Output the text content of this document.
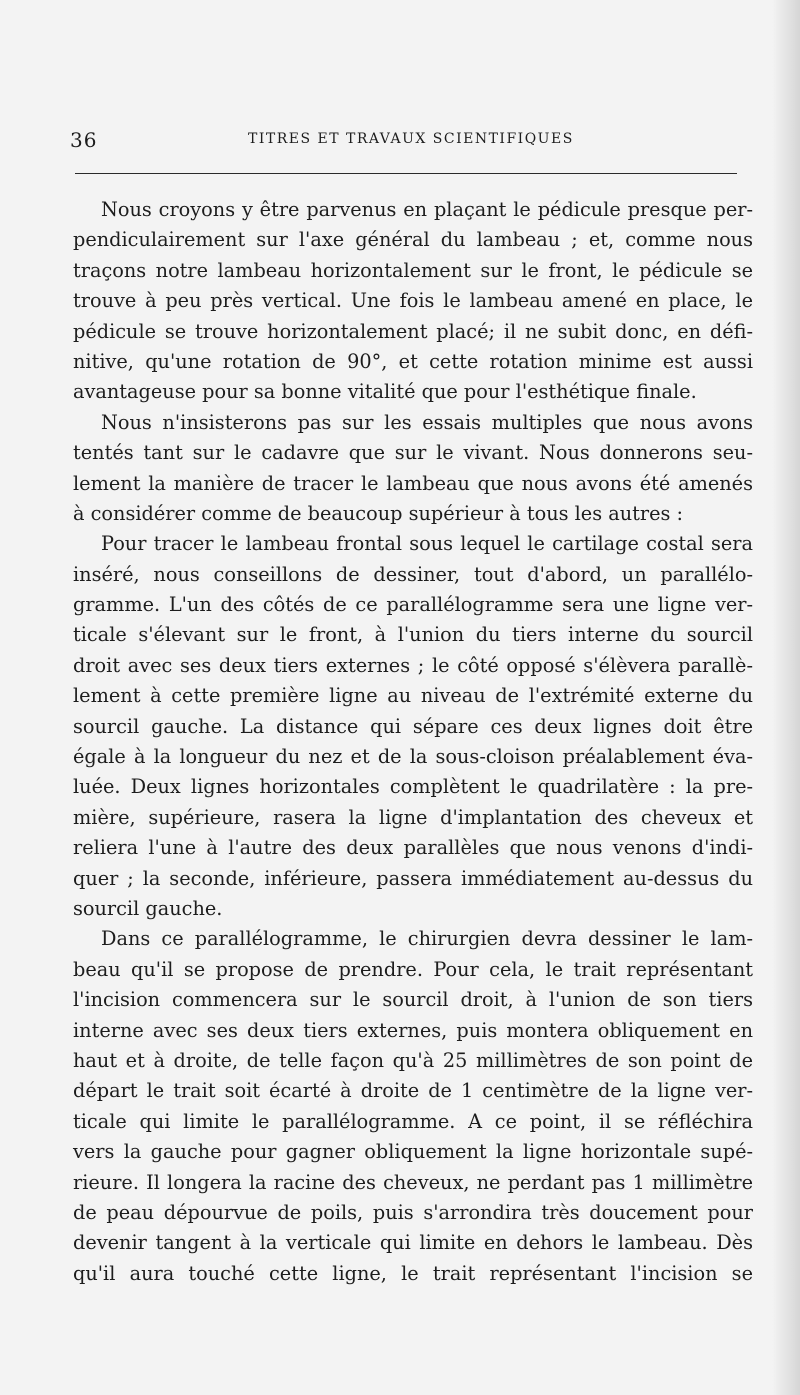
36	TITRES ET TRAVAUX SCIENTIFIQUES
Nous croyons y être parvenus en plaçant le pédicule presque per-
pendiculairement sur l'axe général du lambeau ; et, comme nous
traçons notre lambeau horizontalement sur le front, le pédicule se
trouve à peu près vertical. Une fois le lambeau amené en place, le
pédicule se trouve horizontalement placé; il ne subit donc, en défi-
nitive, qu'une rotation de 90°, et cette rotation minime est aussi
avantageuse pour sa bonne vitalité que pour l'esthétique finale.
Nous n'insisterons pas sur les essais multiples que nous avons
tentés tant sur le cadavre que sur le vivant. Nous donnerons seu-
lement la manière de tracer le lambeau que nous avons été amenés
à considérer comme de beaucoup supérieur à tous les autres :
Pour tracer le lambeau frontal sous lequel le cartilage costal sera
inséré, nous conseillons de dessiner, tout d'abord, un parallélo-
gramme. L'un des côtés de ce parallélogramme sera une ligne ver-
ticale s'élevant sur le front, à l'union du tiers interne du sourcil
droit avec ses deux tiers externes ; le côté opposé s'élèvera parallè-
lement à cette première ligne au niveau de l'extrémité externe du
sourcil gauche. La distance qui sépare ces deux lignes doit être
égale à la longueur du nez et de la sous-cloison préalablement éva-
luée. Deux lignes horizontales complètent le quadrilatère : la pre-
mière, supérieure, rasera la ligne d'implantation des cheveux et
reliera l'une à l'autre des deux parallèles que nous venons d'indi-
quer ; la seconde, inférieure, passera immédiatement au-dessus du
sourcil gauche.
Dans ce parallélogramme, le chirurgien devra dessiner le lam-
beau qu'il se propose de prendre. Pour cela, le trait représentant
l'incision commencera sur le sourcil droit, à l'union de son tiers
interne avec ses deux tiers externes, puis montera obliquement en
haut et à droite, de telle façon qu'à 25 millimètres de son point de
départ le trait soit écarté à droite de 1 centimètre de la ligne ver-
ticale qui limite le parallélogramme. A ce point, il se réfléchira
vers la gauche pour gagner obliquement la ligne horizontale supé-
rieure. Il longera la racine des cheveux, ne perdant pas 1 millimètre
de peau dépourvue de poils, puis s'arrondira très doucement pour
devenir tangent à la verticale qui limite en dehors le lambeau. Dès
qu'il aura touché cette ligne, le trait représentant l'incision se
